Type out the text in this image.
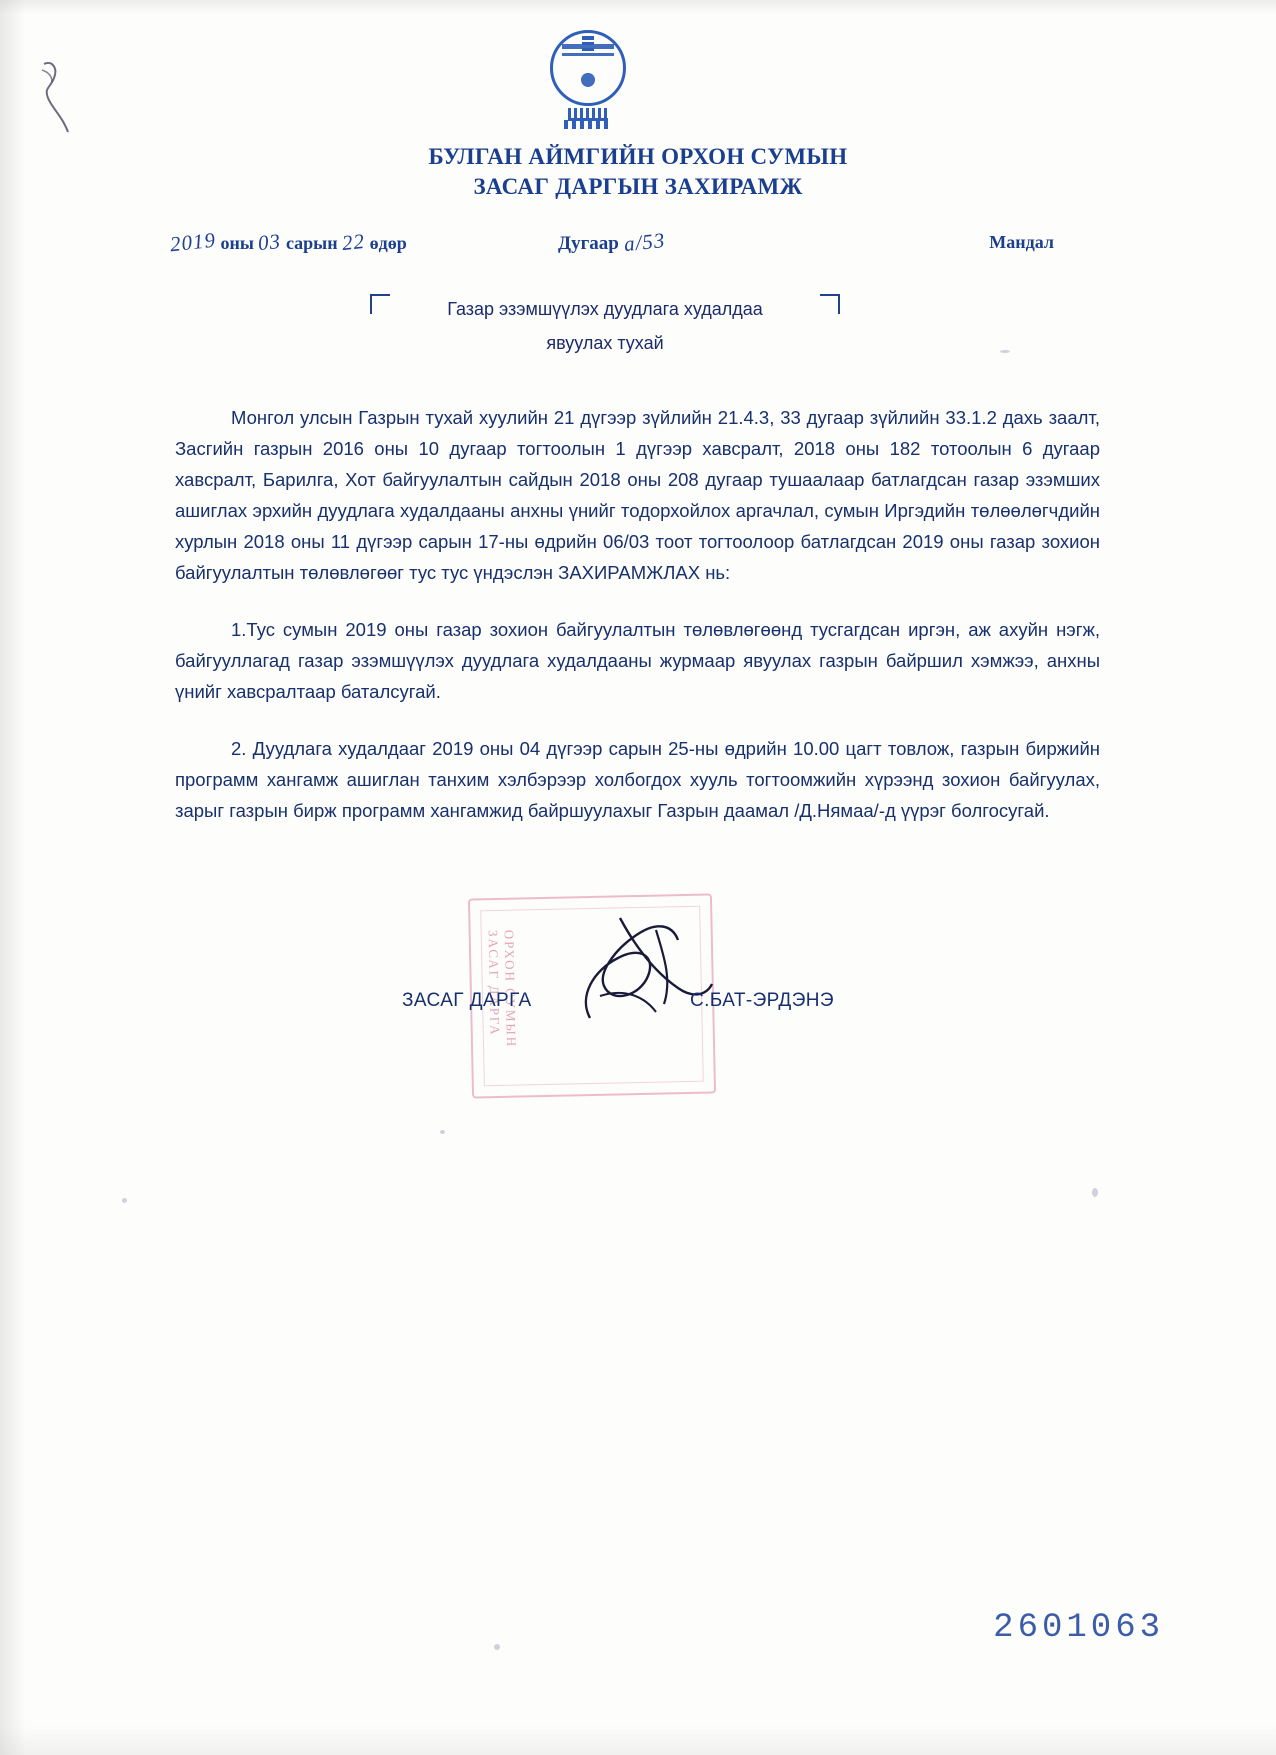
БУЛГАН АЙМГИЙН ОРХОН СУМЫН
ЗАСАГ ДАРГЫН ЗАХИРАМЖ
2019 оны 03 сарын 22 өдөр	Дугаар а/53	Мандал
Газар эзэмшүүлэх дуудлага худалдаа
явуулах тухай

Монгол улсын Газрын тухай хуулийн 21 дүгээр зүйлийн 21.4.3, 33 дугаар зүйлийн 33.1.2 дахь заалт, Засгийн газрын 2016 оны 10 дугаар тогтоолын 1 дүгээр хавсралт, 2018 оны 182 тотоолын 6 дугаар хавсралт, Барилга, Хот байгуулалтын сайдын 2018 оны 208 дугаар тушаалаар батлагдсан газар эзэмших ашиглах эрхийн дуудлага худалдааны анхны үнийг тодорхойлох аргачлал, сумын Иргэдийн төлөөлөгчдийн хурлын 2018 оны 11 дүгээр сарын 17-ны өдрийн 06/03 тоот тогтоолоор батлагдсан 2019 оны газар зохион байгуулалтын төлөвлөгөөг тус тус үндэслэн ЗАХИРАМЖЛАХ нь:

1.Тус сумын 2019 оны газар зохион байгуулалтын төлөвлөгөөнд тусгагдсан иргэн, аж ахуйн нэгж, байгууллагад газар эзэмшүүлэх дуудлага худалдааны журмаар явуулах газрын байршил хэмжээ, анхны үнийг хавсралтаар баталсугай.

2. Дуудлага худалдааг 2019 оны 04 дүгээр сарын 25-ны өдрийн 10.00 цагт товлож, газрын биржийн программ хангамж ашиглан танхим хэлбэрээр холбогдох хууль тогтоомжийн хүрээнд зохион байгуулах, зарыг газрын бирж программ хангамжид байршуулахыг Газрын даамал /Д.Нямаа/-д үүрэг болгосугай.

ОРХОН СУМЫН ЗАСАГ ДАРГА
ЗАСАГ ДАРГА	С.БАТ-ЭРДЭНЭ
2601063
